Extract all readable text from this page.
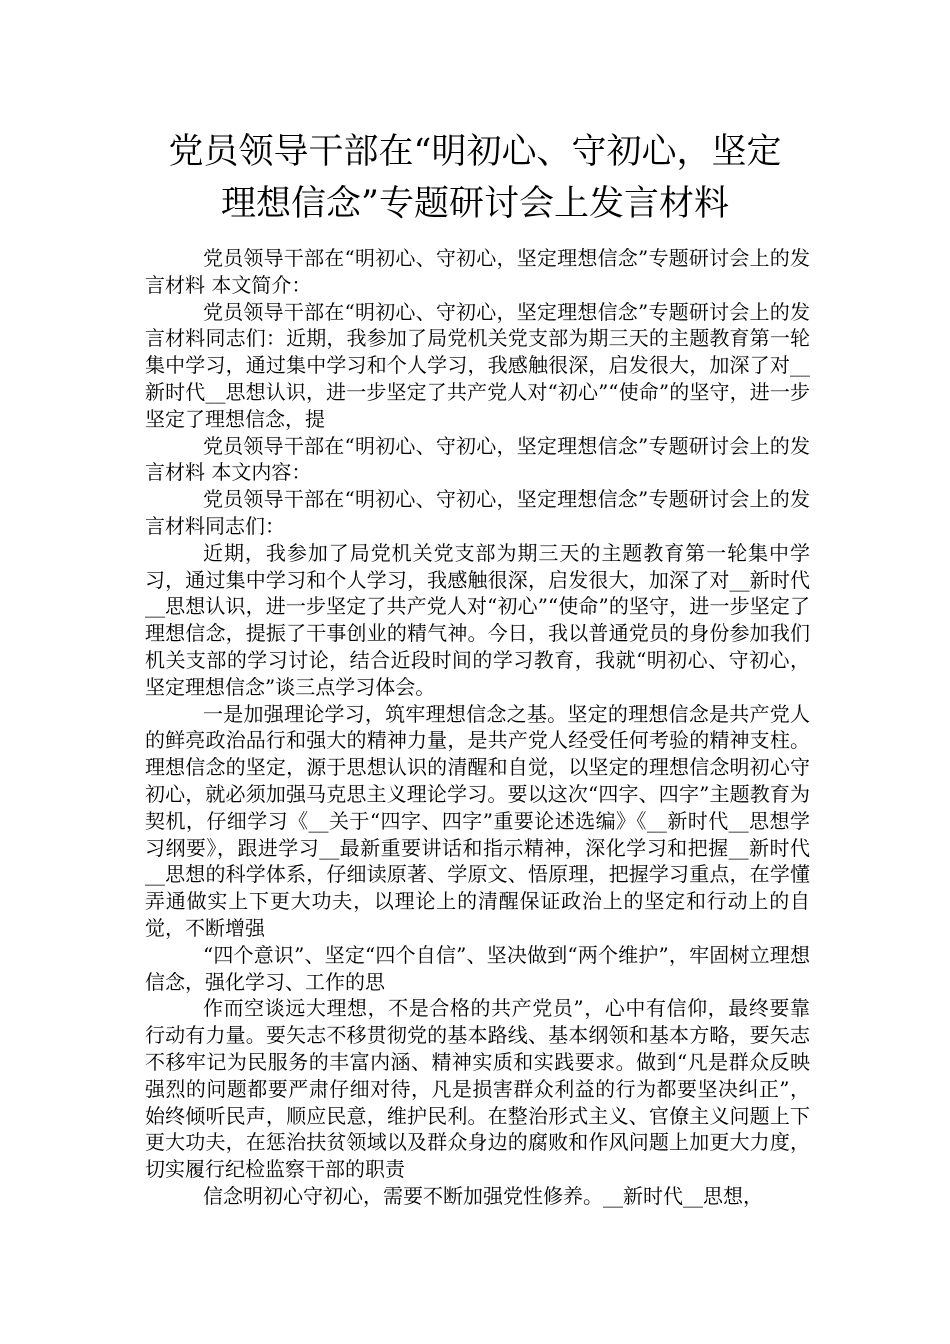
党员领导干部在“明初心、守初心，坚定
理想信念”专题研讨会上发言材料

党员领导干部在“明初心、守初心，坚定理想信念”专题研讨会上的发言材料 本文简介：

党员领导干部在“明初心、守初心，坚定理想信念”专题研讨会上的发言材料同志们：近期，我参加了局党机关党支部为期三天的主题教育第一轮集中学习，通过集中学习和个人学习，我感触很深，启发很大，加深了对__新时代__思想认识，进一步坚定了共产党人对“初心”“使命”的坚守，进一步坚定了理想信念，提

党员领导干部在“明初心、守初心，坚定理想信念”专题研讨会上的发言材料 本文内容：

党员领导干部在“明初心、守初心，坚定理想信念”专题研讨会上的发言材料同志们：

近期，我参加了局党机关党支部为期三天的主题教育第一轮集中学习，通过集中学习和个人学习，我感触很深，启发很大，加深了对__新时代__思想认识，进一步坚定了共产党人对“初心”“使命”的坚守，进一步坚定了理想信念，提振了干事创业的精气神。今日，我以普通党员的身份参加我们机关支部的学习讨论，结合近段时间的学习教育，我就“明初心、守初心，坚定理想信念”谈三点学习体会。

一是加强理论学习，筑牢理想信念之基。坚定的理想信念是共产党人的鲜亮政治品行和强大的精神力量，是共产党人经受任何考验的精神支柱。理想信念的坚定，源于思想认识的清醒和自觉，以坚定的理想信念明初心守初心，就必须加强马克思主义理论学习。要以这次“四字、四字”主题教育为契机，仔细学习《__关于“四字、四字”重要论述选编》《__新时代__思想学习纲要》，跟进学习__最新重要讲话和指示精神，深化学习和把握__新时代__思想的科学体系，仔细读原著、学原文、悟原理，把握学习重点，在学懂弄通做实上下更大功夫，以理论上的清醒保证政治上的坚定和行动上的自觉，不断增强

“四个意识”、坚定“四个自信”、坚决做到“两个维护”，牢固树立理想信念，强化学习、工作的思

作而空谈远大理想，不是合格的共产党员”，心中有信仰，最终要靠行动有力量。要矢志不移贯彻党的基本路线、基本纲领和基本方略，要矢志不移牢记为民服务的丰富内涵、精神实质和实践要求。做到“凡是群众反映强烈的问题都要严肃仔细对待，凡是损害群众利益的行为都要坚决纠正”，始终倾听民声，顺应民意，维护民利。在整治形式主义、官僚主义问题上下更大功夫，在惩治扶贫领域以及群众身边的腐败和作风问题上加更大力度，切实履行纪检监察干部的职责

信念明初心守初心，需要不断加强党性修养。__新时代__思想，
